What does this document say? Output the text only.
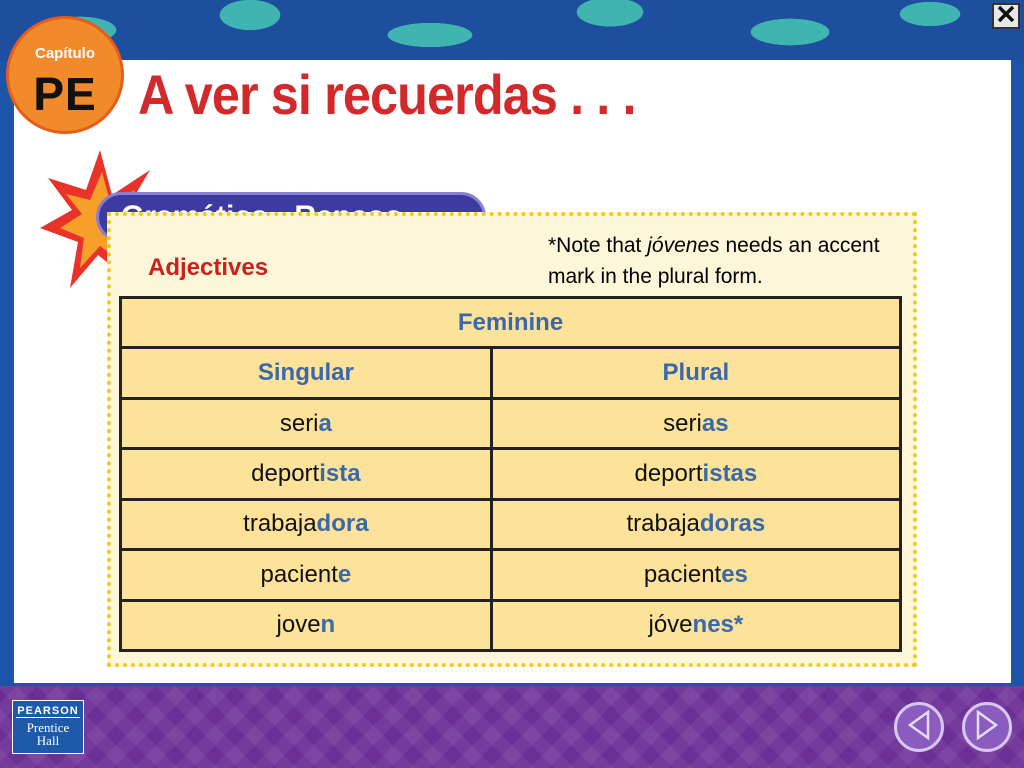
Capítulo
PE A ver si recuerdas . . .
Adjectives
*Note that jóvenes needs an accent mark in the plural form.
Feminine	
Singular	Plural
seria	serias
deportista	deportistas
trabajadora	trabajadoras
paciente	pacientes
joven	jóvenes*
PEARSON
Prentice
Hall
